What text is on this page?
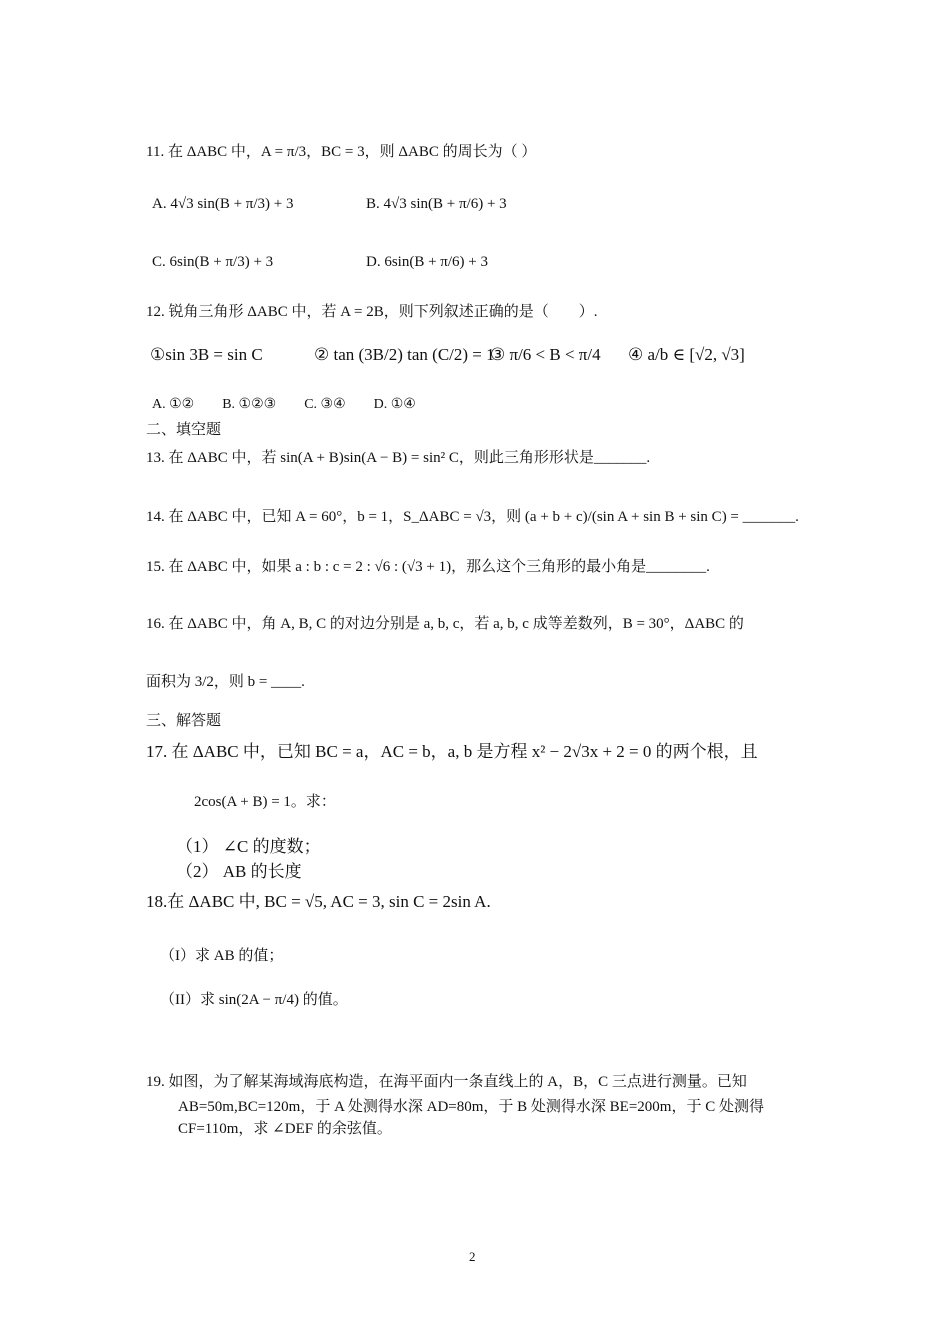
11. 在 ΔABC 中，A = π/3，BC = 3，则 ΔABC 的周长为（ ）
A. 4√3 sin(B + π/3) + 3	B. 4√3 sin(B + π/6) + 3
C. 6sin(B + π/3) + 3	D. 6sin(B + π/6) + 3
12. 锐角三角形 ΔABC 中，若 A = 2B，则下列叙述正确的是（　　）.
①sin 3B = sin C	② tan (3B/2) tan (C/2) = 1
③ π/6 < B < π/4 ④ a/b ∈ [√2, √3]
A. ①②　　B. ①②③　　C. ③④　　D. ①④
二、填空题
13. 在 ΔABC 中，若 sin(A + B)sin(A − B) = sin² C，则此三角形形状是_______.
14. 在 ΔABC 中，已知 A = 60°，b = 1，S_ΔABC = √3，则 (a + b + c)/(sin A + sin B + sin C) = _______.
15. 在 ΔABC 中，如果 a : b : c = 2 : √6 : (√3 + 1)，那么这个三角形的最小角是________.
16. 在 ΔABC 中，角 A, B, C 的对边分别是 a, b, c，若 a, b, c 成等差数列，B = 30°，ΔABC 的
面积为 3/2，则 b = ____.
三、解答题
17. 在 ΔABC 中，已知 BC = a，AC = b，a, b 是方程 x² − 2√3x + 2 = 0 的两个根，且
2cos(A + B) = 1。求：
（1） ∠C 的度数；
（2） AB 的长度
18.在 ΔABC 中, BC = √5, AC = 3, sin C = 2sin A.
（I）求 AB 的值；
（II）求 sin(2A − π/4) 的值。
19. 如图，为了解某海域海底构造，在海平面内一条直线上的 A，B，C 三点进行测量。已知
AB=50m,BC=120m，于 A 处测得水深 AD=80m，于 B 处测得水深 BE=200m，于 C 处测得
CF=110m，求 ∠DEF 的余弦值。
2
